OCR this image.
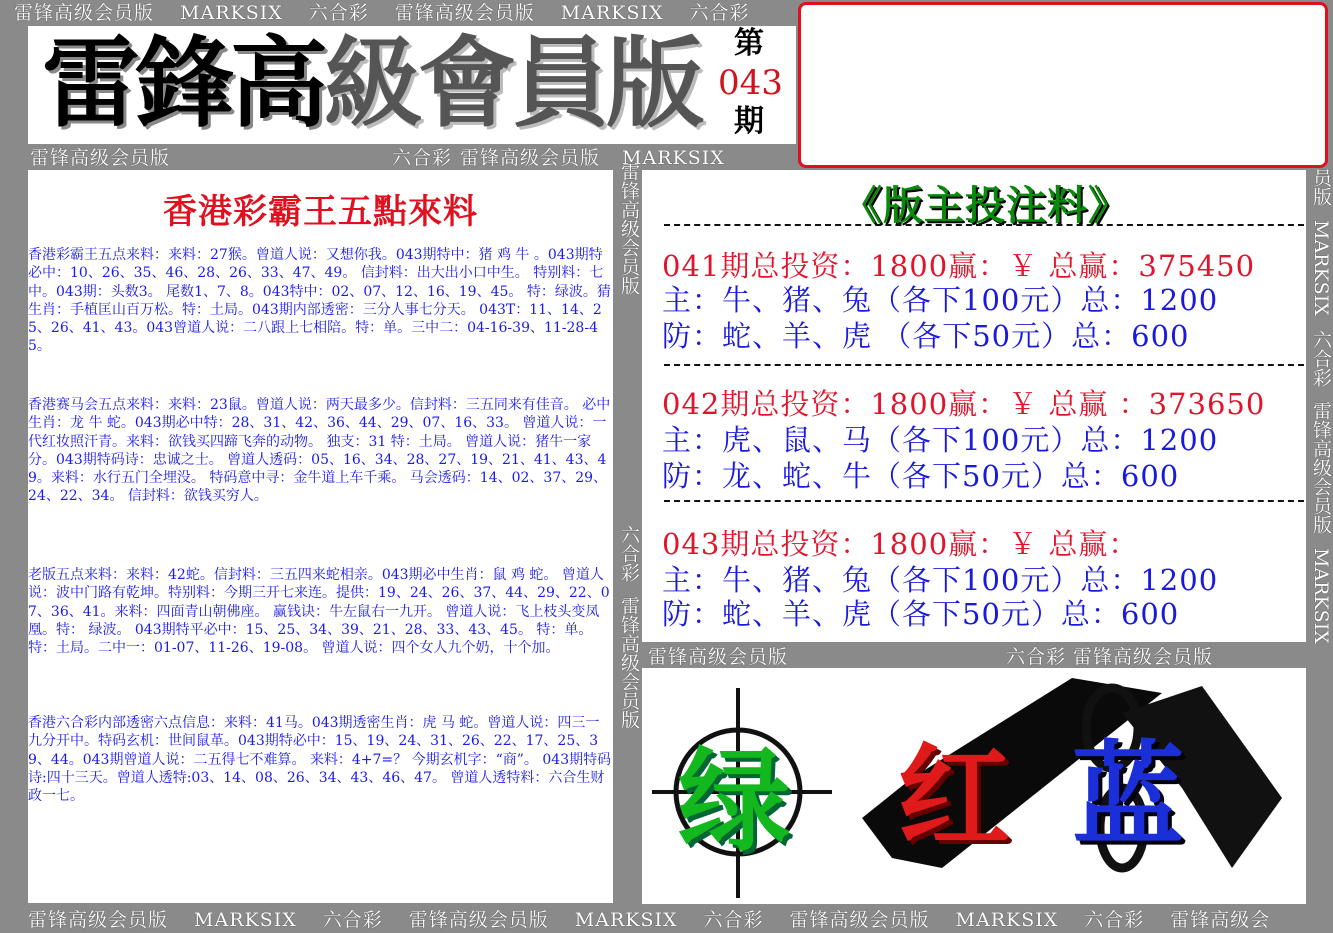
雷锋高级会员版 MARKSIX 六合彩 雷锋高级会员版 MARKSIX 六合彩
雷锋高级会员版	六合彩 雷锋高级会员版 MARKSIX
雷锋高级会员版	六合彩 雷锋高级会员版
雷锋高级会员版 MARKSIX 六合彩 雷锋高级会员版 MARKSIX 六合彩 雷锋高级会员版 MARKSIX 六合彩 雷锋高级会
雷锋高级会员版
六合彩雷锋高级会员版
员版MARKSIX六合彩雷锋高级会员版MARKSIX
雷鋒高級會員版	第
043
期
香港彩霸王五點來料
香港彩霸王五点来料：来料：27猴。曾道人说：又想你我。043期特中：猪 鸡 牛 。043期特必中：10、26、35、46、28、26、33、47、49。 信封料：出大出小口中生。 特别料：七中。043期：头数3。 尾数1、7、8。043特中：02、07、12、16、19、45。 特：绿波。猜生肖：手植匡山百万松。特：土局。043期内部透密：三分人事七分天。 043T：11、14、25、26、41、43。043曾道人说：二八跟上七相陪。特：单。三中二：04-16-39、11-28-45。
香港赛马会五点来料：来料：23鼠。曾道人说：两天最多少。信封料：三五同来有佳音。 必中生肖：龙 牛 蛇。043期必中特：28、31、42、36、44、29、07、16、33。 曾道人说：一代红妆照汗青。来料：欲钱买四蹄飞奔的动物。 独支：31 特：土局。 曾道人说：猪牛一家分。043期特码诗：忠诚之士。 曾道人透码：05、16、34、28、27、19、21、41、43、49。来料：水行五门全埋没。 特码意中寻：金牛道上车千乘。 马会透码：14、02、37、29、24、22、34。 信封料：欲钱买穷人。
老版五点来料：来料：42蛇。信封料：三五四来蛇相亲。043期必中生肖：鼠 鸡 蛇。 曾道人说：波中门路有乾坤。特别料：今期三开七来连。提供：19、24、26、37、44、29、22、07、36、41。来料：四面青山朝佛座。 赢钱诀：牛左鼠右一九开。 曾道人说：飞上枝头变凤凰。特： 绿波。 043期特平必中：15、25、34、39、21、28、33、43、45。 特：单。特：土局。二中一：01-07、11-26、19-08。 曾道人说：四个女人九个奶，十个加。
香港六合彩内部透密六点信息：来料：41马。043期透密生肖：虎 马 蛇。曾道人说：四三一九分开中。特码玄机：世间鼠革。043期特必中：15、19、24、31、26、22、17、25、39、44。043期曾道人说：二五得七不难算。 来料：4+7=？ 今期玄机字：“商”。 043期特码诗:四十三天。曾道人透特:03、14、08、26、34、43、46、47。 曾道人透特料：六合生财政一七。
《版主投注料》
041期总投资：1800赢：￥ 总赢：375450
主：牛、猪、兔（各下100元）总：1200
防：蛇、羊、虎 （各下50元）总：600
042期总投资：1800赢：￥ 总赢 ：373650
主：虎、鼠、马（各下100元）总：1200
防：龙、蛇、牛（各下50元）总：600
043期总投资：1800赢：￥ 总赢：
主：牛、猪、兔（各下100元）总：1200
防：蛇、羊、虎（各下50元）总：600
绿 红 蓝
